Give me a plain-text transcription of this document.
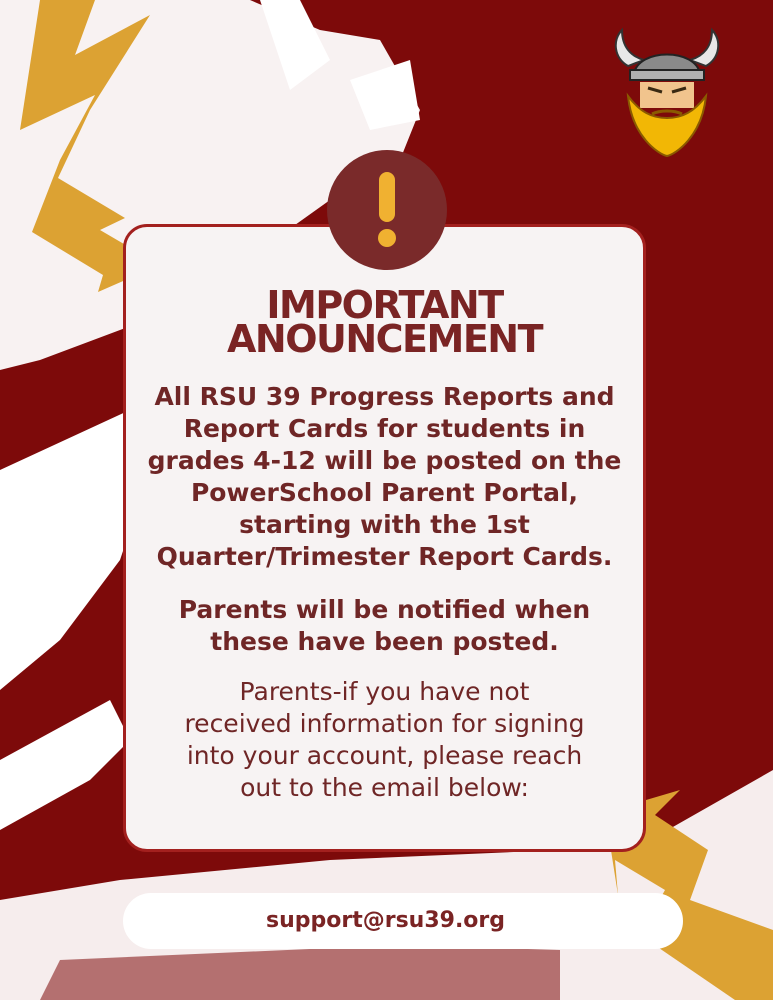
IMPORTANT
ANOUNCEMENT
All RSU 39 Progress Reports and
Report Cards for students in
grades 4-12 will be posted on the
PowerSchool Parent Portal,
starting with the 1st
Quarter/Trimester Report Cards.
Parents will be notified when
these have been posted.
Parents-if you have not
received information for signing
into your account, please reach
out to the email below:
support@rsu39.org
